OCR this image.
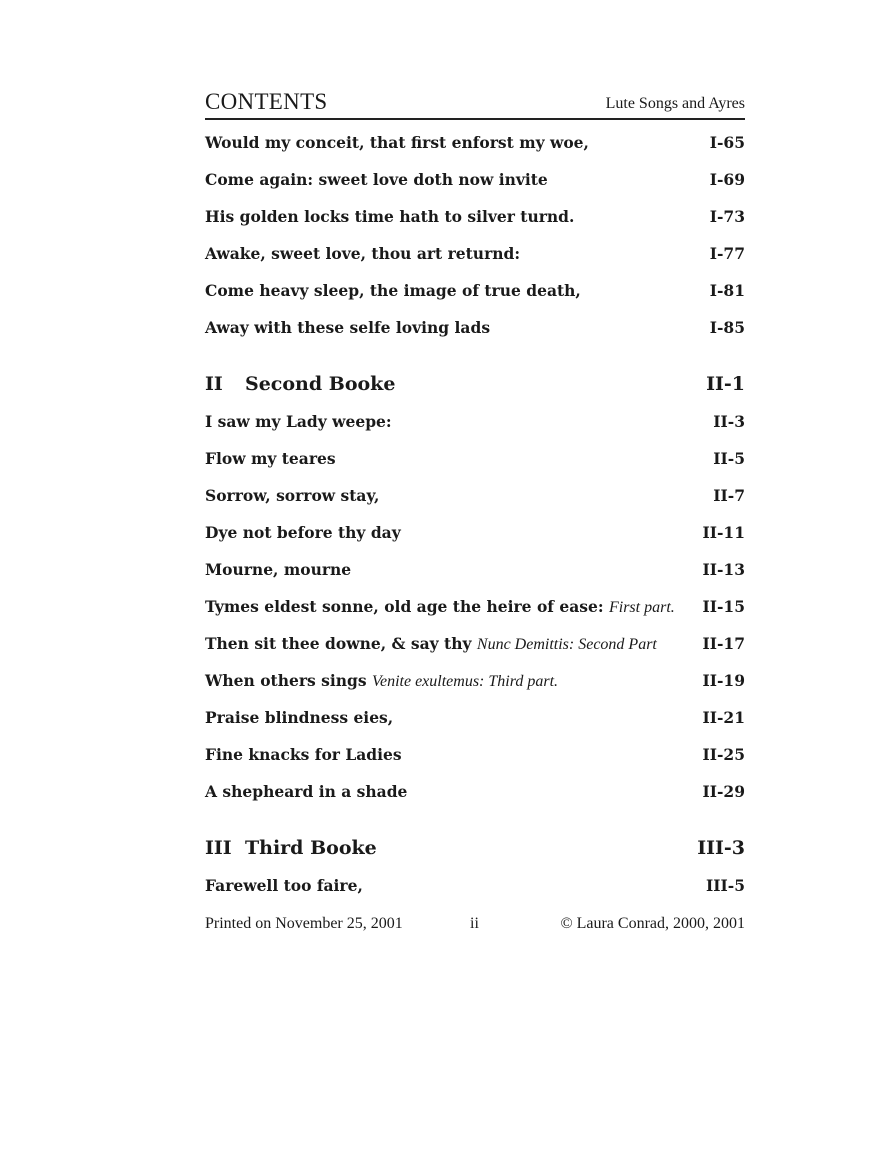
CONTENTS	Lute Songs and Ayres
Would my conceit, that first enforst my woe,	I-65
Come again: sweet love doth now invite	I-69
His golden locks time hath to silver turnd.	I-73
Awake, sweet love, thou art returnd:	I-77
Come heavy sleep, the image of true death,	I-81
Away with these selfe loving lads	I-85
II Second Booke	II-1
I saw my Lady weepe:	II-3
Flow my teares	II-5
Sorrow, sorrow stay,	II-7
Dye not before thy day	II-11
Mourne, mourne	II-13
Tymes eldest sonne, old age the heire of ease: First part. II-15
Then sit thee downe, & say thy Nunc Demittis: Second Part	II-17
When others sings Venite exultemus: Third part.	II-19
Praise blindness eies,	II-21
Fine knacks for Ladies	II-25
A shepheard in a shade	II-29
III Third Booke	III-3
Farewell too faire,	III-5
Printed on November 25, 2001	ii	© Laura Conrad, 2000, 2001
